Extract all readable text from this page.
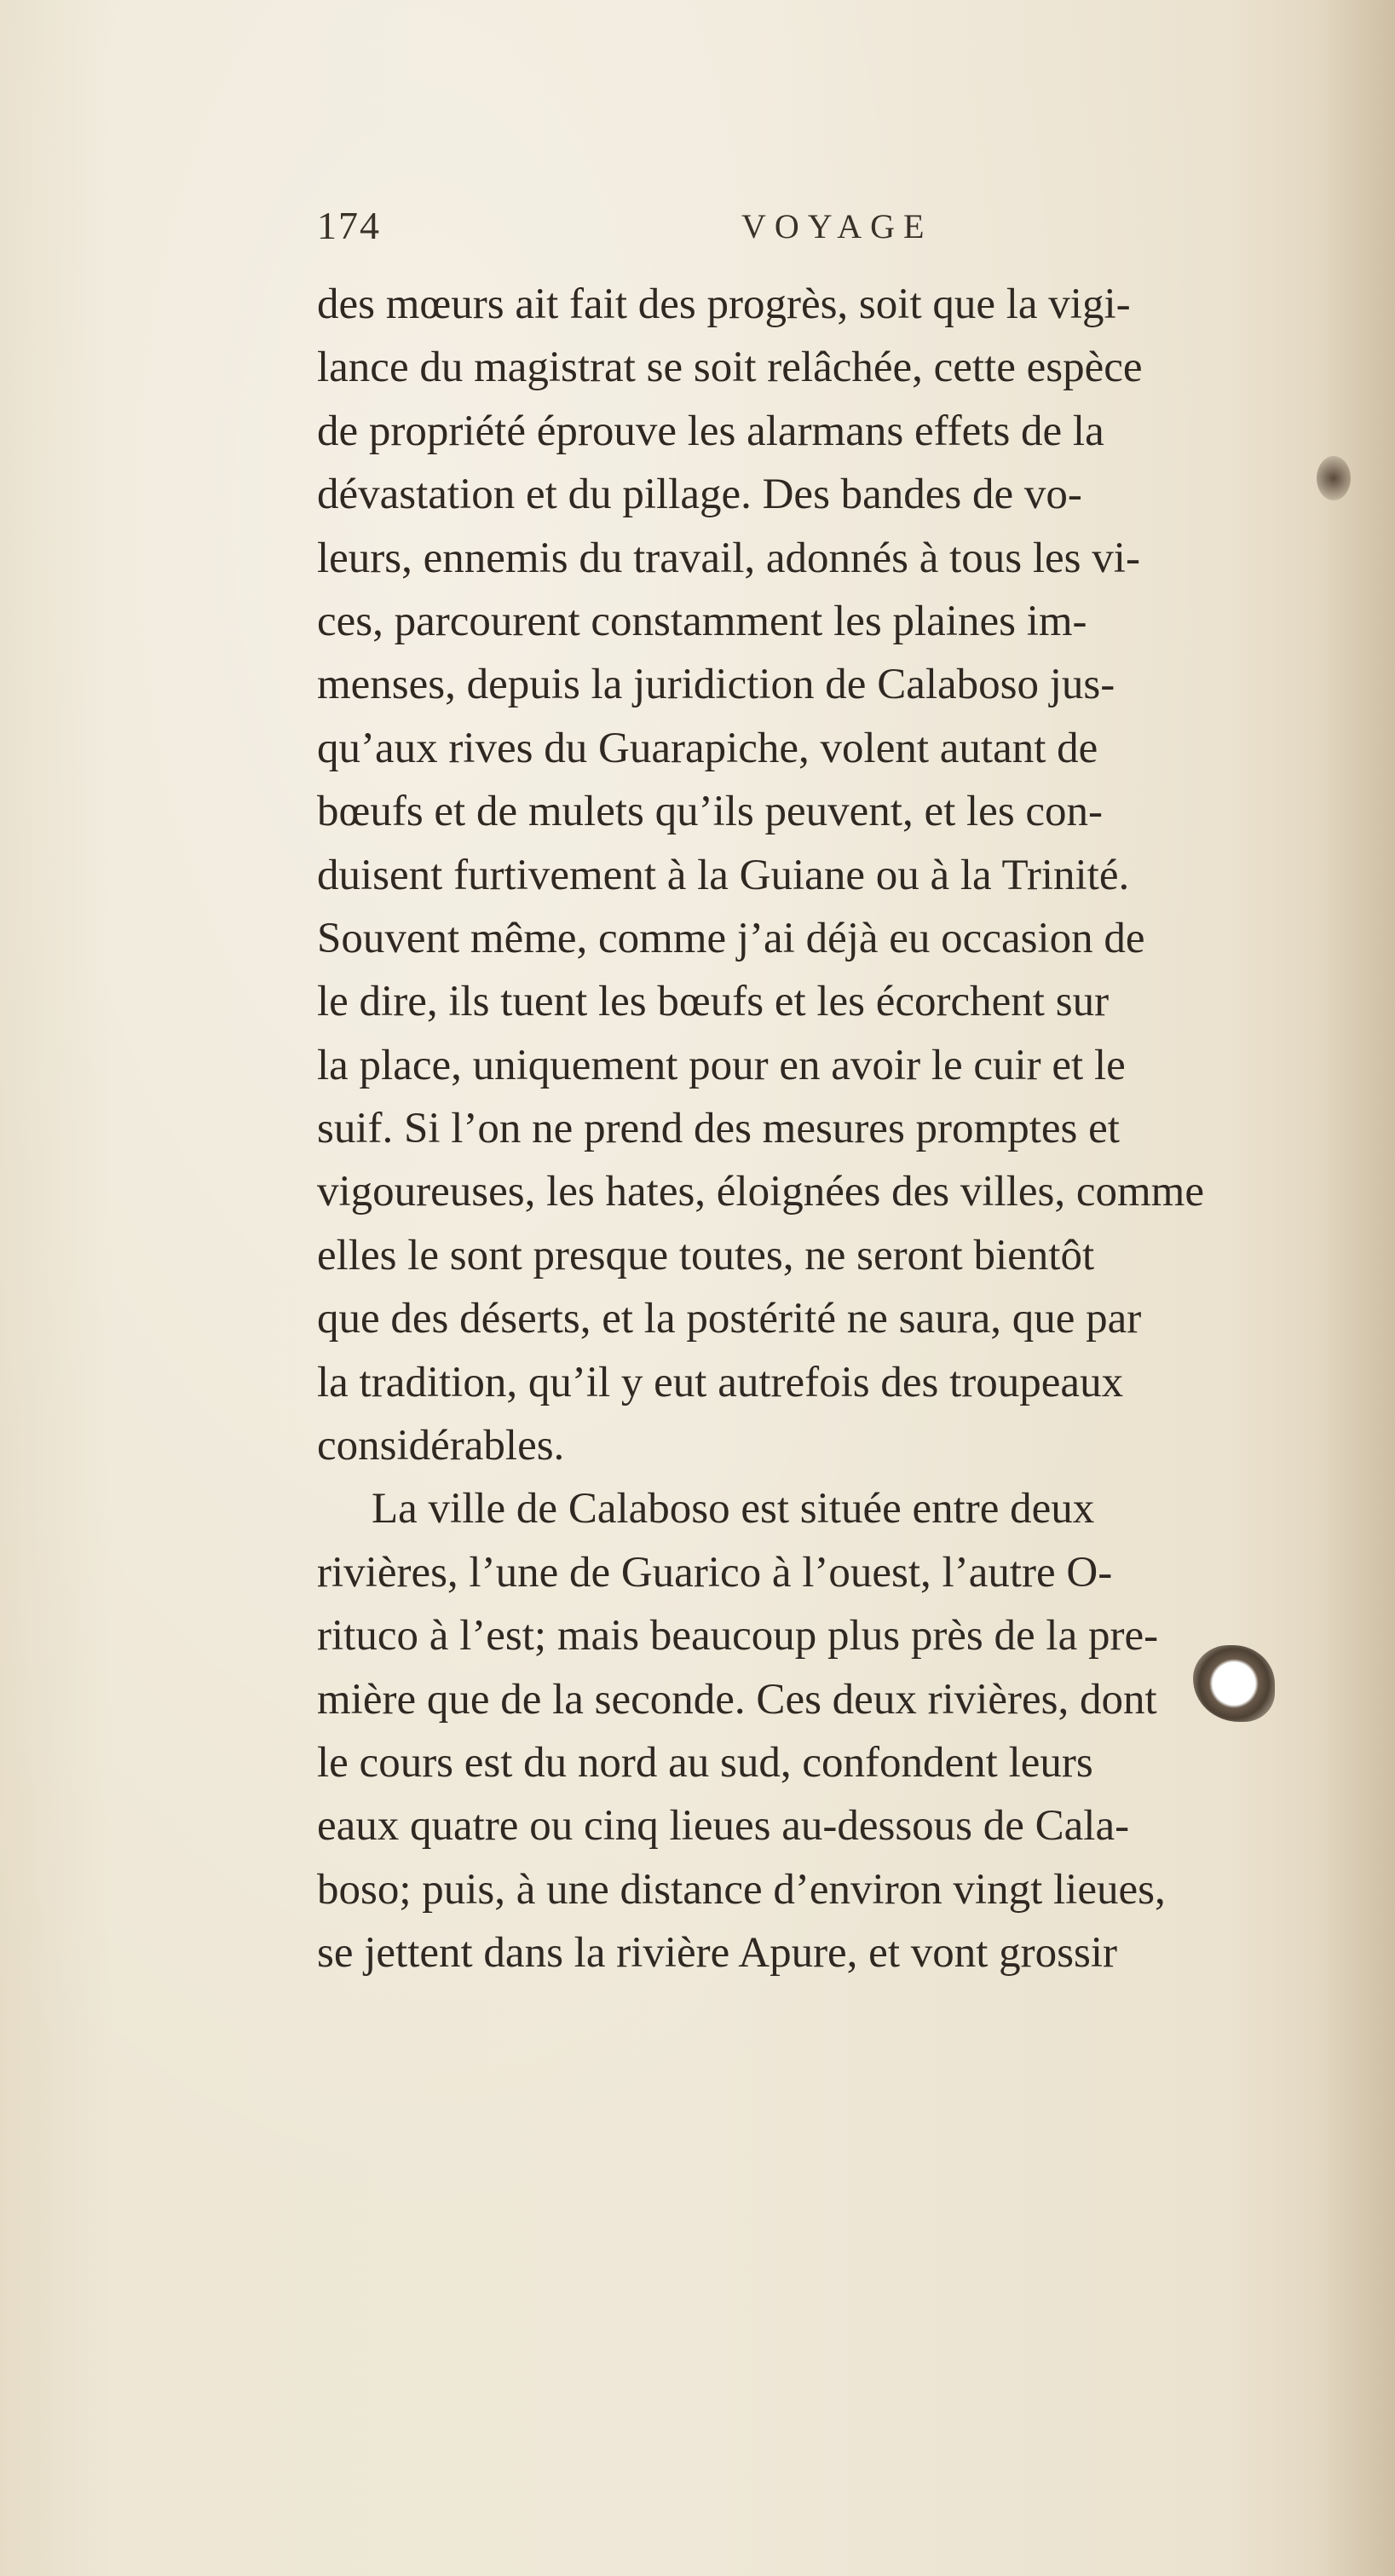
174	VOYAGE
des mœurs ait fait des progrès, soit que la vigi-
lance du magistrat se soit relâchée, cette espèce
de propriété éprouve les alarmans effets de la
dévastation et du pillage. Des bandes de vo-
leurs, ennemis du travail, adonnés à tous les vi-
ces, parcourent constamment les plaines im-
menses, depuis la juridiction de Calaboso jus-
qu’aux rives du Guarapiche, volent autant de
bœufs et de mulets qu’ils peuvent, et les con-
duisent furtivement à la Guiane ou à la Trinité.
Souvent même, comme j’ai déjà eu occasion de
le dire, ils tuent les bœufs et les écorchent sur
la place, uniquement pour en avoir le cuir et le
suif. Si l’on ne prend des mesures promptes et
vigoureuses, les hates, éloignées des villes, comme
elles le sont presque toutes, ne seront bientôt
que des déserts, et la postérité ne saura, que par
la tradition, qu’il y eut autrefois des troupeaux
considérables.
La ville de Calaboso est située entre deux
rivières, l’une de Guarico à l’ouest, l’autre O-
rituco à l’est; mais beaucoup plus près de la pre-
mière que de la seconde. Ces deux rivières, dont
le cours est du nord au sud, confondent leurs
eaux quatre ou cinq lieues au-dessous de Cala-
boso; puis, à une distance d’environ vingt lieues,
se jettent dans la rivière Apure, et vont grossir
